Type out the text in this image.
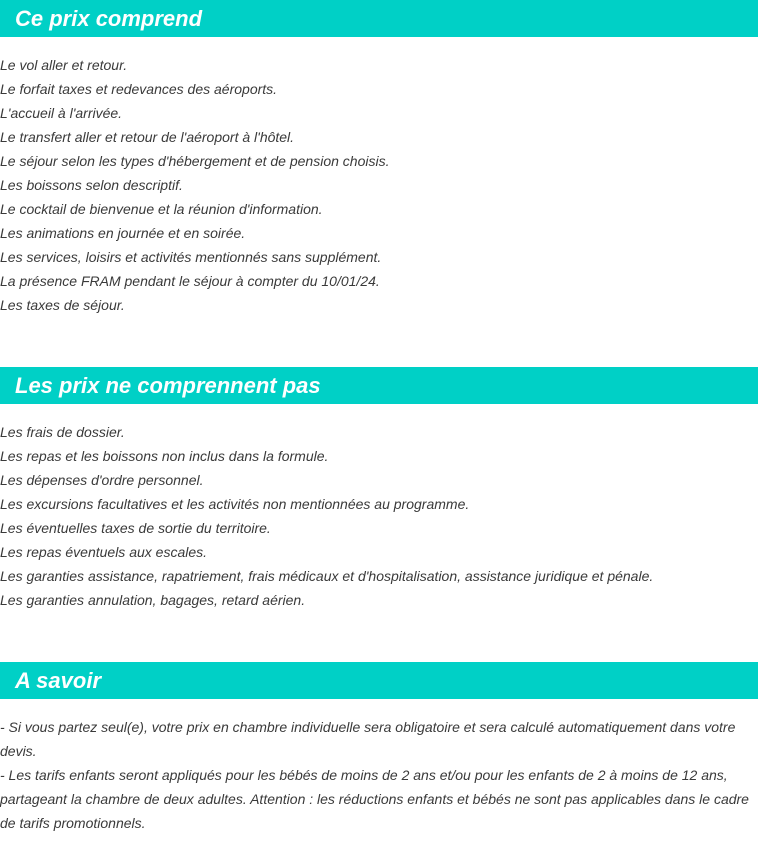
Ce prix comprend
Le vol aller et retour.
Le forfait taxes et redevances des aéroports.
L'accueil à l'arrivée.
Le transfert aller et retour de l'aéroport à l'hôtel.
Le séjour selon les types d'hébergement et de pension choisis.
Les boissons selon descriptif.
Le cocktail de bienvenue et la réunion d'information.
Les animations en journée et en soirée.
Les services, loisirs et activités mentionnés sans supplément.
La présence FRAM pendant le séjour à compter du 10/01/24.
Les taxes de séjour.
Les prix ne comprennent pas
Les frais de dossier.
Les repas et les boissons non inclus dans la formule.
Les dépenses d'ordre personnel.
Les excursions facultatives et les activités non mentionnées au programme.
Les éventuelles taxes de sortie du territoire.
Les repas éventuels aux escales.
Les garanties assistance, rapatriement, frais médicaux et d'hospitalisation, assistance juridique et pénale.
Les garanties annulation, bagages, retard aérien.
A savoir

- Si vous partez seul(e), votre prix en chambre individuelle sera obligatoire et sera calculé automatiquement dans votre devis.

- Les tarifs enfants seront appliqués pour les bébés de moins de 2 ans et/ou pour les enfants de 2 à moins de 12 ans, partageant la chambre de deux adultes. Attention : les réductions enfants et bébés ne sont pas applicables dans le cadre de tarifs promotionnels.
